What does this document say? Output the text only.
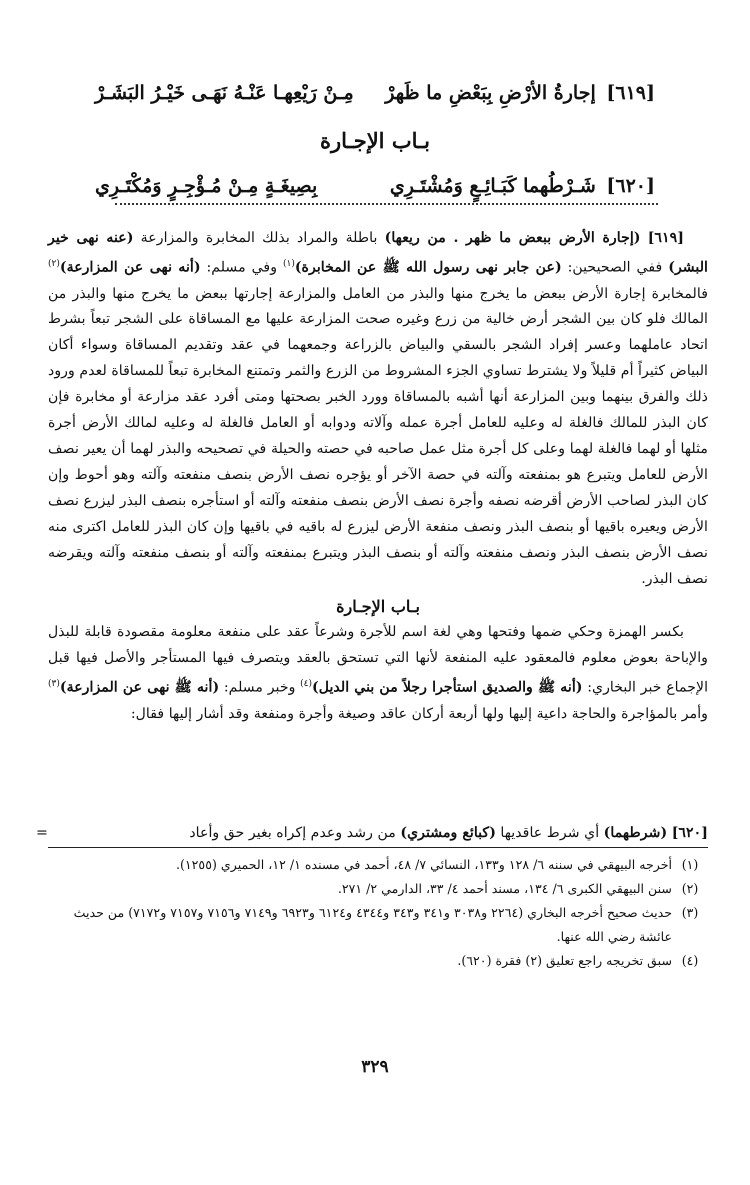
[٦١٩] إجارةُ الأرْضِ بِبَعْضِ ما ظَهرْ
مِـنْ رَيْعِهـا عَنْـهُ نَهَـى خَيْـرُ البَشَـرْ
بـاب الإجـارة
[٦٢٠] شَـرْطُهما كَبَـائِـعٍ وَمُشْتَـرِي
بِصِيغَـةٍ مِـنْ مُـؤْجِـرٍ وَمُكْتَـرِي

[٦١٩] (إجارة الأرض ببعض ما ظهر . من ريعها) باطلة والمراد بذلك المخابرة والمزارعة (عنه نهى خير البشر) ففي الصحيحين: (عن جابر نهى رسول الله ﷺ عن المخابرة)$^{(١)}$ وفي مسلم: (أنه نهى عن المزارعة)$^{(٢)}$ فالمخابرة إجارة الأرض ببعض ما يخرج منها والبذر من العامل والمزارعة إجارتها ببعض ما يخرج منها والبذر من المالك فلو كان بين الشجر أرض خالية من زرع وغيره صحت المزارعة عليها مع المساقاة على الشجر تبعاً بشرط اتحاد عاملهما وعسر إفراد الشجر بالسقي والبياض بالزراعة وجمعهما في عقد وتقديم المساقاة وسواء أكان البياض كثيراً أم قليلاً ولا يشترط تساوي الجزء المشروط من الزرع والثمر وتمتنع المخابرة تبعاً للمساقاة لعدم ورود ذلك والفرق بينهما وبين المزارعة أنها أشبه بالمساقاة وورد الخبر بصحتها ومتى أفرد عقد مزارعة أو مخابرة فإن كان البذر للمالك فالغلة له وعليه للعامل أجرة عمله وآلاته ودوابه أو العامل فالغلة له وعليه لمالك الأرض أجرة مثلها أو لهما فالغلة لهما وعلى كل أجرة مثل عمل صاحبه في حصته والحيلة في تصحيحه والبذر لهما أن يعير نصف الأرض للعامل ويتبرع هو بمنفعته وآلته في حصة الآخر أو يؤجره نصف الأرض بنصف منفعته وآلته وهو أحوط وإن كان البذر لصاحب الأرض أقرضه نصفه وأجرة نصف الأرض بنصف منفعته وآلته أو استأجره بنصف البذر ليزرع نصف الأرض ويعيره باقيها أو بنصف البذر ونصف منفعة الأرض ليزرع له باقيه في باقيها وإن كان البذر للعامل اكترى منه نصف الأرض بنصف البذر ونصف منفعته وآلته أو بنصف البذر ويتبرع بمنفعته وآلته أو بنصف منفعته وآلته ويقرضه نصف البذر.

بـاب الإجـارة

بكسر الهمزة وحكي ضمها وفتحها وهي لغة اسم للأجرة وشرعاً عقد على منفعة معلومة مقصودة قابلة للبذل والإباحة بعوض معلوم فالمعقود عليه المنفعة لأنها التي تستحق بالعقد ويتصرف فيها المستأجر والأصل فيها قبل الإجماع خبر البخاري: (أنه ﷺ والصديق استأجرا رجلاً من بني الديل)$^{(٤)}$ وخبر مسلم: (أنه ﷺ نهى عن المزارعة)$^{(٣)}$ وأمر بالمؤاجرة والحاجة داعية إليها ولها أربعة أركان عاقد وصيغة وأجرة ومنفعة وقد أشار إليها فقال:

[٦٢٠] (شرطهما) أي شرط عاقديها (كبائع ومشتري) من رشد وعدم إكراه بغير حق وأعاد
=
(١)
أخرجه البيهقي في سننه ٦/ ١٢٨ و١٣٣، النسائي ٧/ ٤٨، أحمد في مسنده ١/ ١٢، الحميري (١٢٥٥).
(٢)
سنن البيهقي الكبرى ٦/ ١٣٤، مسند أحمد ٤/ ٣٣، الدارمي ٢/ ٢٧١.
(٣)
حديث صحيح أخرجه البخاري (٢٢٦٤ و٣٠٣٨ و٣٤١ و٣٤٣ و٤٣٤٤ و٦١٢٤ و٦٩٢٣ و٧١٤٩ و٧١٥٦ و٧١٥٧ و٧١٧٢) من حديث عائشة رضي الله عنها.
(٤)
سبق تخريجه راجع تعليق (٢) فقرة (٦٢٠).
٣٢٩
